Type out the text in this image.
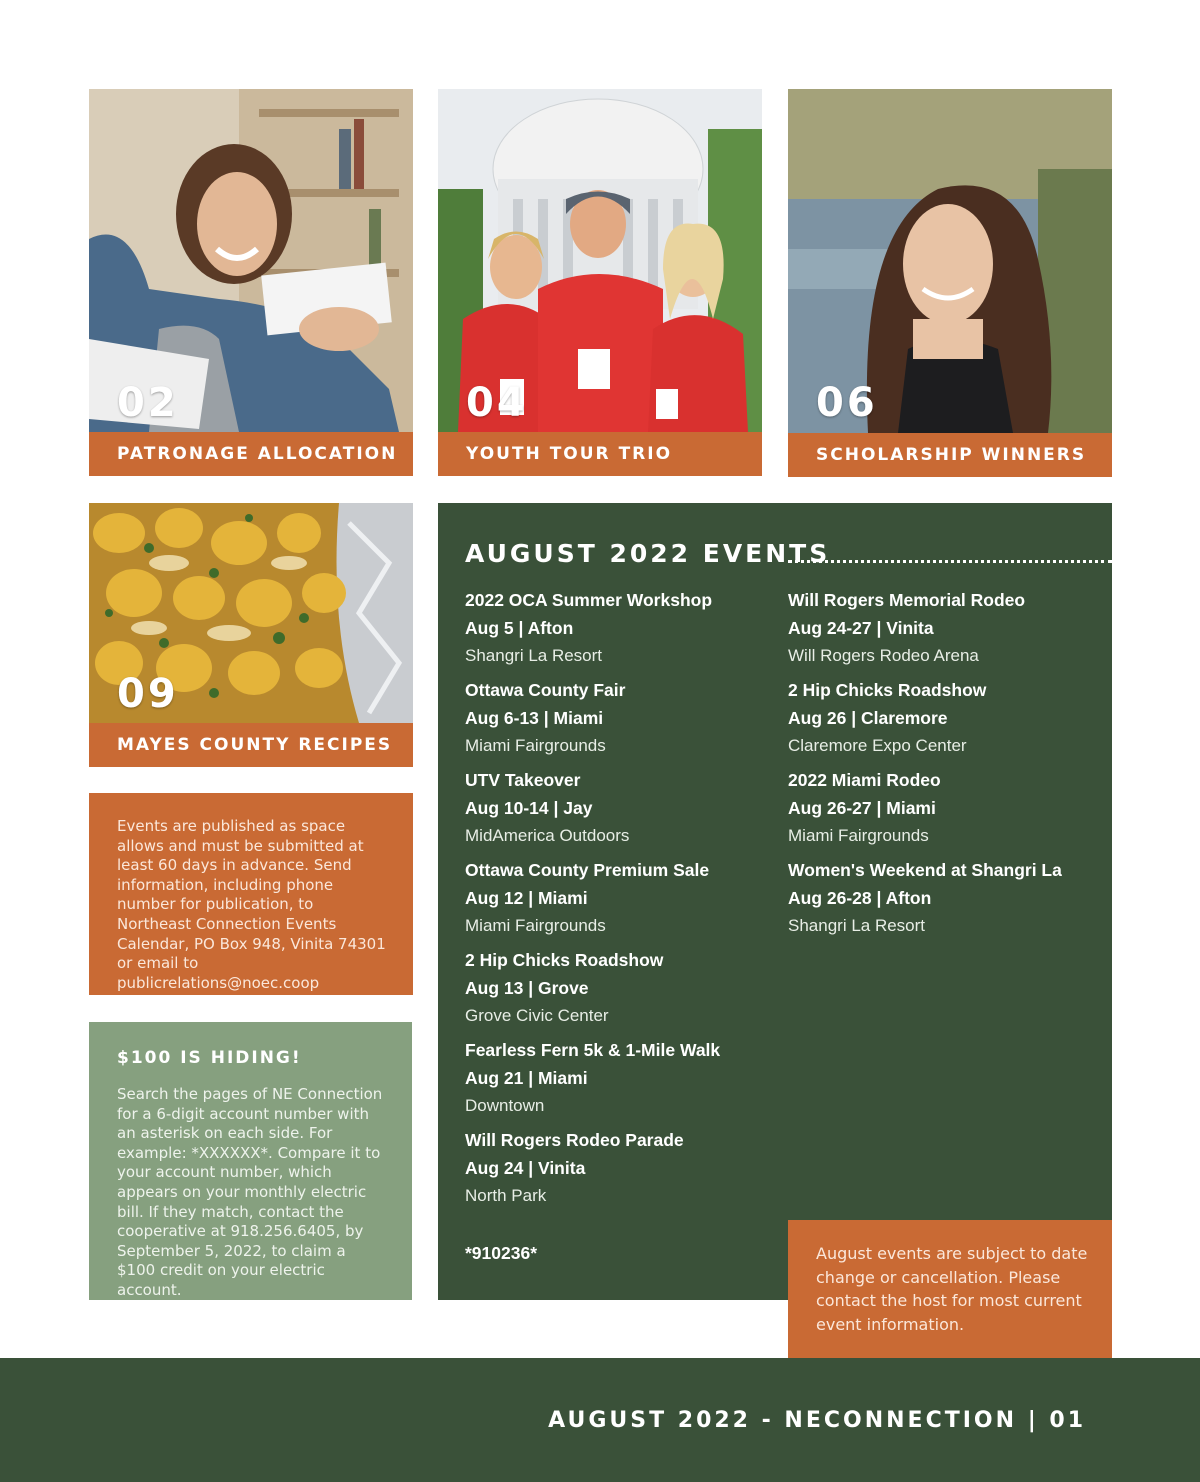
02
PATRONAGE ALLOCATION
04
YOUTH TOUR TRIO
06
SCHOLARSHIP WINNERS
09
MAYES COUNTY RECIPES
Events are published as space allows and must be submitted at least 60 days in advance. Send information, including phone number for publication, to Northeast Connection Events Calendar, PO Box 948, Vinita 74301 or email to publicrelations@noec.coop
$100 IS HIDING!

Search the pages of NE Connection for a 6-digit account number with an asterisk on each side. For example: *XXXXXX*. Compare it to your account number, which appears on your monthly electric bill. If they match, contact the cooperative at 918.256.6405, by September 5, 2022, to claim a $100 credit on your electric account.

AUGUST 2022 EVENTS
2022 OCA Summer Workshop
Aug 5 | Afton
Shangri La Resort
Ottawa County Fair
Aug 6-13 | Miami
Miami Fairgrounds
UTV Takeover
Aug 10-14 | Jay
MidAmerica Outdoors
Ottawa County Premium Sale
Aug 12 | Miami
Miami Fairgrounds
2 Hip Chicks Roadshow
Aug 13 | Grove
Grove Civic Center
Fearless Fern 5k & 1-Mile Walk
Aug 21 | Miami
Downtown
Will Rogers Rodeo Parade
Aug 24 | Vinita
North Park
Will Rogers Memorial Rodeo
Aug 24-27 | Vinita
Will Rogers Rodeo Arena
2 Hip Chicks Roadshow
Aug 26 | Claremore
Claremore Expo Center
2022 Miami Rodeo
Aug 26-27 | Miami
Miami Fairgrounds
Women's Weekend at Shangri La
Aug 26-28 | Afton
Shangri La Resort
*910236*	August events are subject to date change or cancellation. Please contact the host for most current event information.
AUGUST 2022 - NECONNECTION | 01
